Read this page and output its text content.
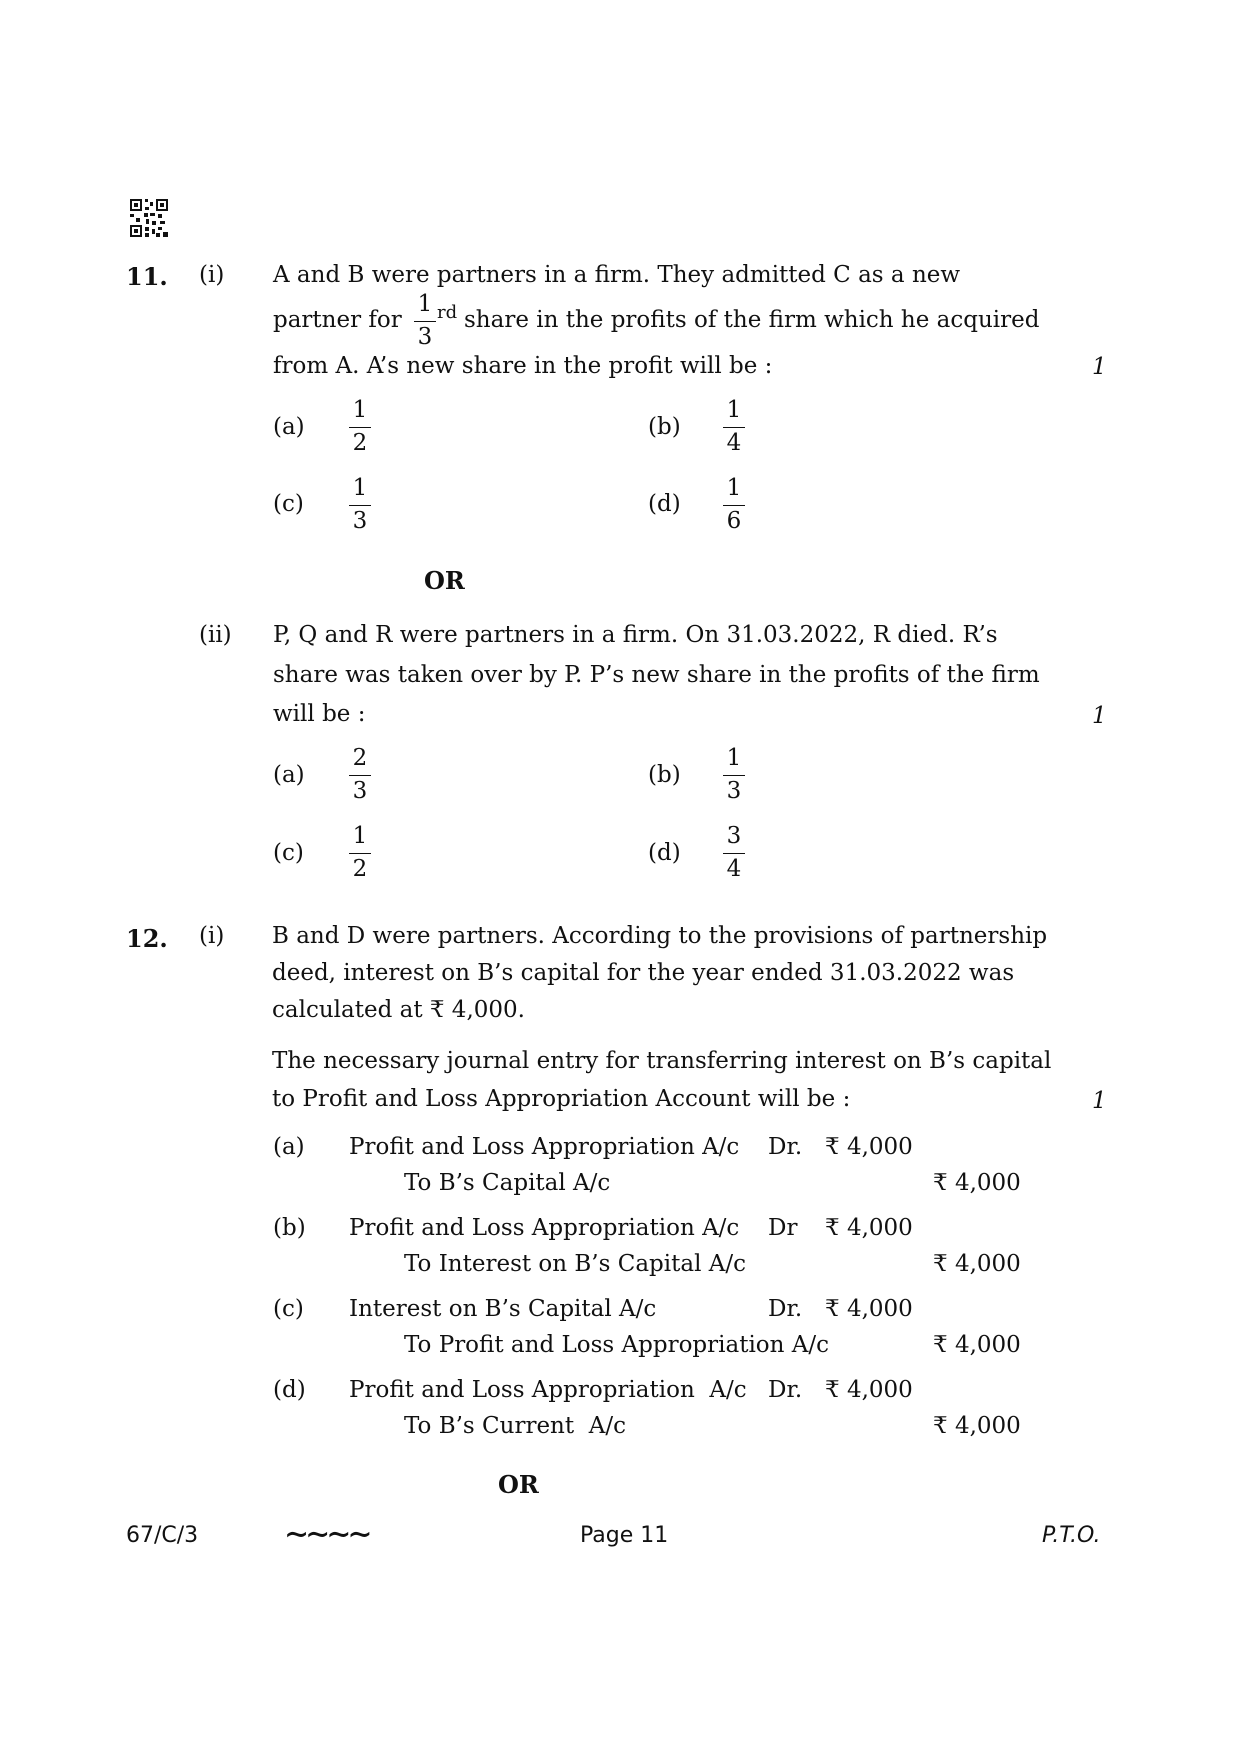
11. (i) A and B were partners in a firm. They admitted C as a new
partner for
1
3
rd share in the profits of the firm which he acquired
from A. A’s new share in the profit will be :	1
(a)
1
2
(b)
1
4
(c)
1
3
(d)
1
6
OR
(ii) P, Q and R were partners in a firm. On 31.03.2022, R died. R’s
share was taken over by P. P’s new share in the profits of the firm
will be :	1
(a)
2
3
(b)
1
3
(c)
1
2
(d)
3
4
12. (i) B and D were partners. According to the provisions of partnership
deed, interest on B’s capital for the year ended 31.03.2022 was
calculated at ₹ 4,000.
The necessary journal entry for transferring interest on B’s capital
to Profit and Loss Appropriation Account will be :	1
(a) Profit and Loss Appropriation A/c Dr. ₹ 4,000
To B’s Capital A/c	₹ 4,000
(b) Profit and Loss Appropriation A/c Dr ₹ 4,000
To Interest on B’s Capital A/c	₹ 4,000
(c) Interest on B’s Capital A/c	Dr. ₹ 4,000
To Profit and Loss Appropriation A/c	₹ 4,000
(d) Profit and Loss Appropriation  A/c Dr. ₹ 4,000
To B’s Current  A/c	₹ 4,000
OR
67/C/3	∼∼∼∼	Page 11	P.T.O.
